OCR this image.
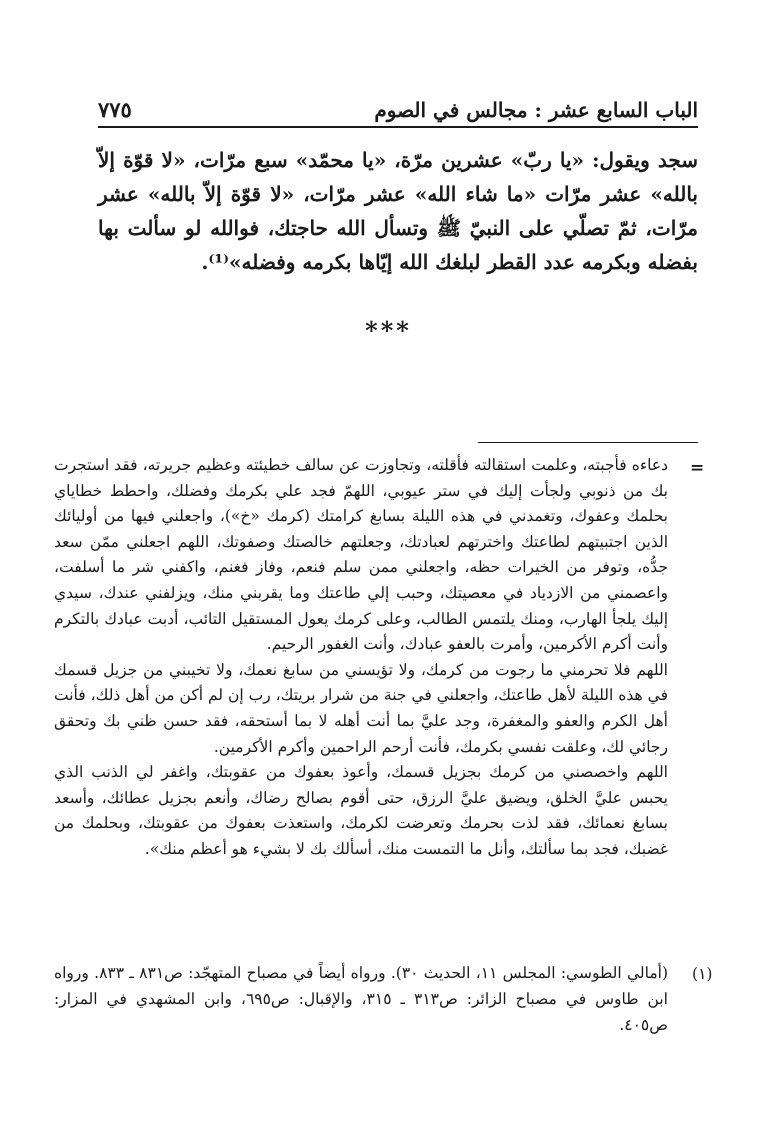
٧٧٥	الباب السابع عشر : مجالس في الصوم

سجد ويقول: «يا ربّ» عشرين مرّة، «يا محمّد» سبع مرّات، «لا قوّة إلاّ بالله» عشر مرّات «ما شاء الله» عشر مرّات، «لا قوّة إلاّ بالله» عشر مرّات، ثمّ تصلّي على النبيّ ﷺ وتسأل الله حاجتك، فوالله لو سألت بها بفضله وبكرمه عدد القطر لبلغك الله إيّاها بكرمه وفضله»⁽¹⁾.

***
=

دعاءه فأجبته، وعلمت استقالته فأقلته، وتجاوزت عن سالف خطيئته وعظيم جريرته، فقد استجرت بك من ذنوبي ولجأت إليك في ستر عيوبي، اللهمّ فجد علي بكرمك وفضلك، واحطط خطاياي بحلمك وعفوك، وتغمدني في هذه الليلة بسابغ كرامتك (كرمك «خ»)، واجعلني فيها من أوليائك الذين اجتبيتهم لطاعتك واخترتهم لعبادتك، وجعلتهم خالصتك وصفوتك، اللهم اجعلني ممّن سعد جدُّه، وتوفر من الخيرات حظه، واجعلني ممن سلم فنعم، وفاز فغنم، واكفني شر ما أسلفت، واعصمني من الازدياد في معصيتك، وحبب إلي طاعتك وما يقربني منك، ويزلفني عندك، سيدي إليك يلجأ الهارب، ومنك يلتمس الطالب، وعلى كرمك يعول المستقيل التائب، أدبت عبادك بالتكرم وأنت أكرم الأكرمين، وأمرت بالعفو عبادك، وأنت الغفور الرحيم.

اللهم فلا تحرمني ما رجوت من كرمك، ولا تؤيسني من سابغ نعمك، ولا تخيبني من جزيل قسمك في هذه الليلة لأهل طاعتك، واجعلني في جنة من شرار بريتك، رب إن لم أكن من أهل ذلك، فأنت أهل الكرم والعفو والمغفرة، وجد عليَّ بما أنت أهله لا بما أستحقه، فقد حسن ظني بك وتحقق رجائي لك، وعلقت نفسي بكرمك، فأنت أرحم الراحمين وأكرم الأكرمين.

اللهم واخصصني من كرمك بجزيل قسمك، وأعوذ بعفوك من عقوبتك، واغفر لي الذنب الذي يحبس عليَّ الخلق، ويضيق عليَّ الرزق، حتى أقوم بصالح رضاك، وأنعم بجزيل عطائك، وأسعد بسابغ نعمائك، فقد لذت بحرمك وتعرضت لكرمك، واستعذت بعفوك من عقوبتك، وبحلمك من غضبك، فجد بما سألتك، وأنل ما التمست منك، أسألك بك لا بشيء هو أعظم منك».

(١)

(أمالي الطوسي: المجلس ١١، الحديث ٣٠). ورواه أيضاً في مصباح المتهجّد: ص٨٣١ ـ ٨٣٣. ورواه ابن طاوس في مصباح الزائر: ص٣١٣ ـ ٣١٥، والإقبال: ص٦٩٥، وابن المشهدي في المزار: ص٤٠٥.
